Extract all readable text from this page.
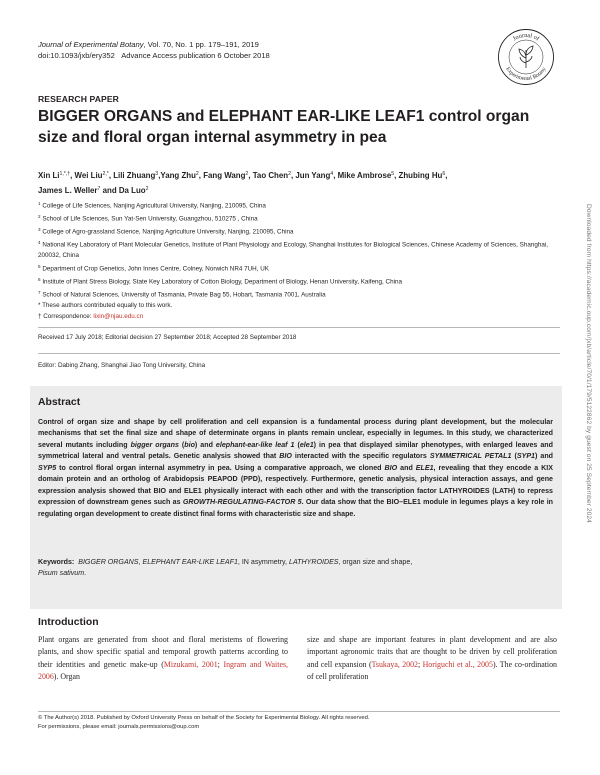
Journal of Experimental Botany, Vol. 70, No. 1 pp. 179–191, 2019
doi:10.1093/jxb/ery352 Advance Access publication 6 October 2018
Journal of
Experimental Botany
RESEARCH PAPER
BIGGER ORGANS and ELEPHANT EAR-LIKE LEAF1 control organ size and floral organ internal asymmetry in pea
Xin $Li^{1,*,\dagger}$, Wei Liu$^{2,*}$, Lili Zhuang$^3$,Yang Zhu$^2$, Fang Wang$^2$, Tao Chen$^2$, Jun Yang$^4$, Mike Ambrose$^5$, Zhubing Hu$^6$,
James L. Weller$^7$ and Da Luo$^2$
$^1$ College of Life Sciences, Nanjing Agricultural University, Nanjing, 210095, China
$^2$ School of Life Sciences, Sun Yat-Sen University, Guangzhou, 510275 , China
$^3$ College of Agro-grassland Science, Nanjing Agriculture University, Nanjing, 210095, China
$^4$ National Key Laboratory of Plant Molecular Genetics, Institute of Plant Physiology and Ecology, Shanghai Institutes for Biological Sciences, Chinese Academy of Sciences, Shanghai, 200032, China
$^5$ Department of Crop Genetics, John Innes Centre, Colney, Norwich NR4 7UH, UK
$^6$ Institute of Plant Stress Biology, State Key Laboratory of Cotton Biology, Department of Biology, Henan University, Kaifeng, China
$^7$ School of Natural Sciences, University of Tasmania, Private Bag 55, Hobart, Tasmania 7001, Australia
* These authors contributed equally to this work.
† Correspondence: lixin@njau.edu.cn
Received 17 July 2018; Editorial decision 27 September 2018; Accepted 28 September 2018
Editor: Dabing Zhang, Shanghai Jiao Tong University, China
Abstract
Control of organ size and shape by cell proliferation and cell expansion is a fundamental process during plant development, but the molecular mechanisms that set the final size and shape of determinate organs in plants remain unclear, especially in legumes. In this study, we characterized several mutants including bigger organs (bio) and elephant-ear-like leaf 1 (ele1) in pea that displayed similar phenotypes, with enlarged leaves and symmetrical lateral and ventral petals. Genetic analysis showed that BIO interacted with the specific regulators SYMMETRICAL PETAL1 (SYP1) and SYP5 to control floral organ internal asymmetry in pea. Using a comparative approach, we cloned BIO and ELE1, revealing that they encode a KIX domain protein and an ortholog of Arabidopsis PEAPOD (PPD), respectively. Furthermore, genetic analysis, physical interaction assays, and gene expression analysis showed that BIO and ELE1 physically interact with each other and with the transcription factor LATHYROIDES (LATH) to repress expression of downstream genes such as GROWTH-REGULATING-FACTOR 5. Our data show that the BIO–ELE1 module in legumes plays a key role in regulating organ development to create distinct final forms with characteristic size and shape.
Keywords: BIGGER ORGANS, ELEPHANT EAR-LIKE LEAF1, IN asymmetry, LATHYROIDES, organ size and shape,
Pisum sativum.
Introduction
Plant organs are generated from shoot and floral meristems of flowering plants, and show specific spatial and temporal growth patterns according to their identities and genetic make-up (Mizukami, 2001; Ingram and Waites, 2006). Organ
size and shape are important features in plant development and are also important agronomic traits that are thought to be driven by cell proliferation and cell expansion (Tsukaya, 2002; Horiguchi et al., 2005). The co-ordination of cell proliferation
© The Author(s) 2018. Published by Oxford University Press on behalf of the Society for Experimental Biology. All rights reserved.
For permissions, please email: journals.permissions@oup.com
Downloaded from https://academic.oup.com/jxb/article/70/1/179/5122862 by guest on 25 September 2024
